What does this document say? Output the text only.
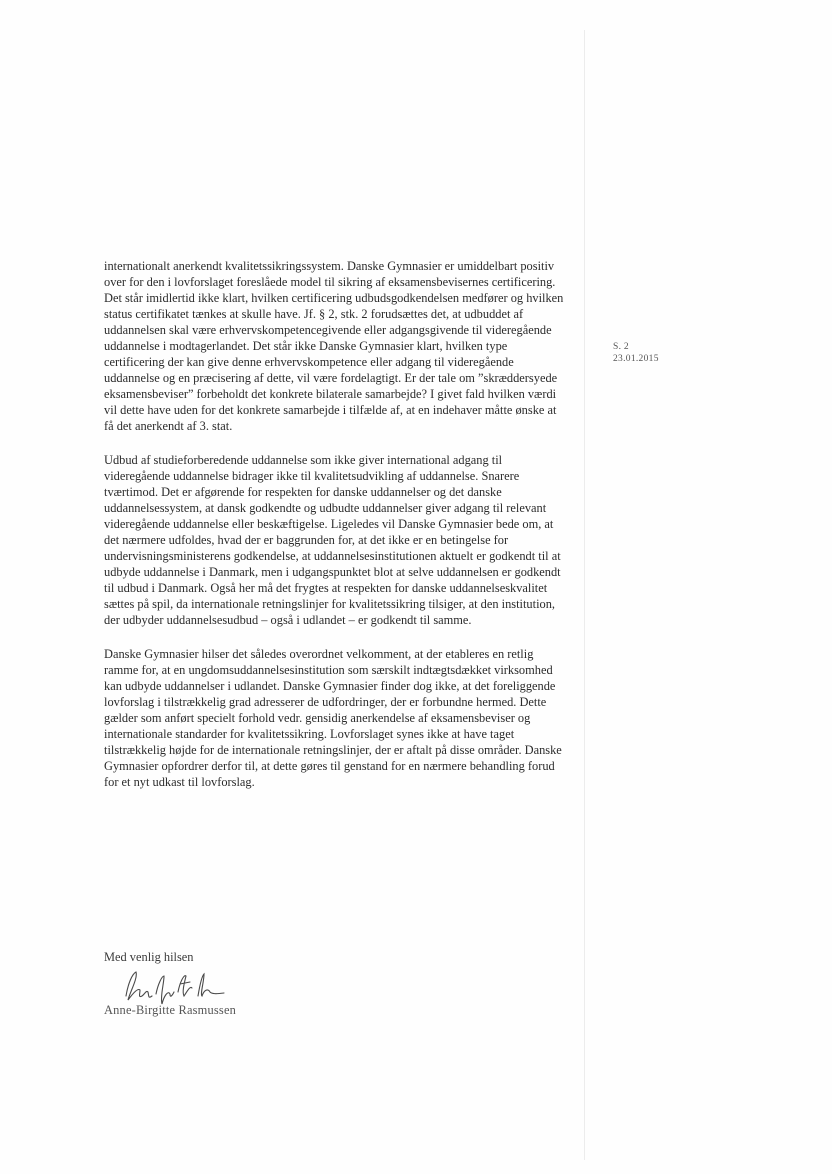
S. 2
23.01.2015

internationalt anerkendt kvalitetssikringssystem. Danske Gymnasier er umiddelbart positiv over for den i lovforslaget foreslåede model til sikring af eksamensbevisernes certificering. Det står imidlertid ikke klart, hvilken certificering udbudsgodkendelsen medfører og hvilken status certifikatet tænkes at skulle have. Jf. § 2, stk. 2 forudsættes det, at udbuddet af uddannelsen skal være erhvervskompetencegivende eller adgangsgivende til videregående uddannelse i modtagerlandet. Det står ikke Danske Gymnasier klart, hvilken type certificering der kan give denne erhvervskompetence eller adgang til videregående uddannelse og en præcisering af dette, vil være fordelagtigt. Er der tale om ”skræddersyede eksamensbeviser” forbeholdt det konkrete bilaterale samarbejde? I givet fald hvilken værdi vil dette have uden for det konkrete samarbejde i tilfælde af, at en indehaver måtte ønske at få det anerkendt af 3. stat.

Udbud af studieforberedende uddannelse som ikke giver international adgang til videregående uddannelse bidrager ikke til kvalitetsudvikling af uddannelse. Snarere tværtimod. Det er afgørende for respekten for danske uddannelser og det danske uddannelsessystem, at dansk godkendte og udbudte uddannelser giver adgang til relevant videregående uddannelse eller beskæftigelse. Ligeledes vil Danske Gymnasier bede om, at det nærmere udfoldes, hvad der er baggrunden for, at det ikke er en betingelse for undervisningsministerens godkendelse, at uddannelsesinstitutionen aktuelt er godkendt til at udbyde uddannelse i Danmark, men i udgangspunktet blot at selve uddannelsen er godkendt til udbud i Danmark. Også her må det frygtes at respekten for danske uddannelseskvalitet sættes på spil, da internationale retningslinjer for kvalitetssikring tilsiger, at den institution, der udbyder uddannelsesudbud – også i udlandet – er godkendt til samme.

Danske Gymnasier hilser det således overordnet velkomment, at der etableres en retlig ramme for, at en ungdomsuddannelsesinstitution som særskilt indtægtsdækket virksomhed kan udbyde uddannelser i udlandet. Danske Gymnasier finder dog ikke, at det foreliggende lovforslag i tilstrækkelig grad adresserer de udfordringer, der er forbundne hermed. Dette gælder som anført specielt forhold vedr. gensidig anerkendelse af eksamensbeviser og internationale standarder for kvalitetssikring. Lovforslaget synes ikke at have taget tilstrækkelig højde for de internationale retningslinjer, der er aftalt på disse områder. Danske Gymnasier opfordrer derfor til, at dette gøres til genstand for en nærmere behandling forud for et nyt udkast til lovforslag.

Med venlig hilsen
Anne-Birgitte Rasmussen
